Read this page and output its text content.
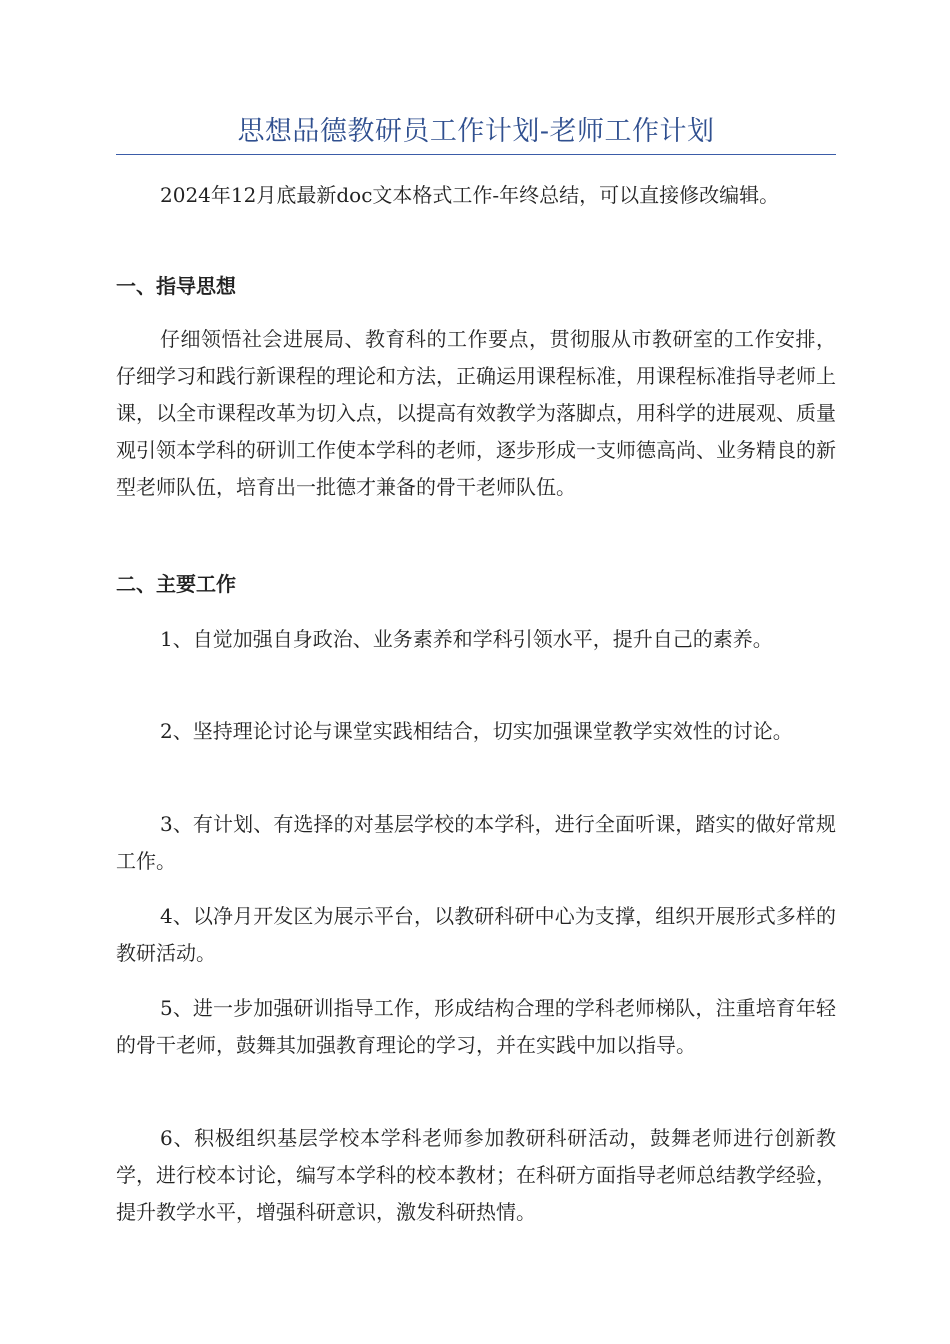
思想品德教研员工作计划-老师工作计划

2024年12月底最新doc文本格式工作-年终总结，可以直接修改编辑。

一、指导思想

仔细领悟社会进展局、教育科的工作要点，贯彻服从市教研室的工作安排，仔细学习和践行新课程的理论和方法，正确运用课程标准，用课程标准指导老师上课，以全市课程改革为切入点，以提高有效教学为落脚点，用科学的进展观、质量观引领本学科的研训工作使本学科的老师，逐步形成一支师德高尚、业务精良的新型老师队伍，培育出一批德才兼备的骨干老师队伍。

二、主要工作

1、自觉加强自身政治、业务素养和学科引领水平，提升自己的素养。

2、坚持理论讨论与课堂实践相结合，切实加强课堂教学实效性的讨论。

3、有计划、有选择的对基层学校的本学科，进行全面听课，踏实的做好常规工作。

4、以净月开发区为展示平台，以教研科研中心为支撑，组织开展形式多样的教研活动。

5、进一步加强研训指导工作，形成结构合理的学科老师梯队，注重培育年轻的骨干老师，鼓舞其加强教育理论的学习，并在实践中加以指导。

6、积极组织基层学校本学科老师参加教研科研活动，鼓舞老师进行创新教学，进行校本讨论，编写本学科的校本教材；在科研方面指导老师总结教学经验，提升教学水平，增强科研意识，激发科研热情。
